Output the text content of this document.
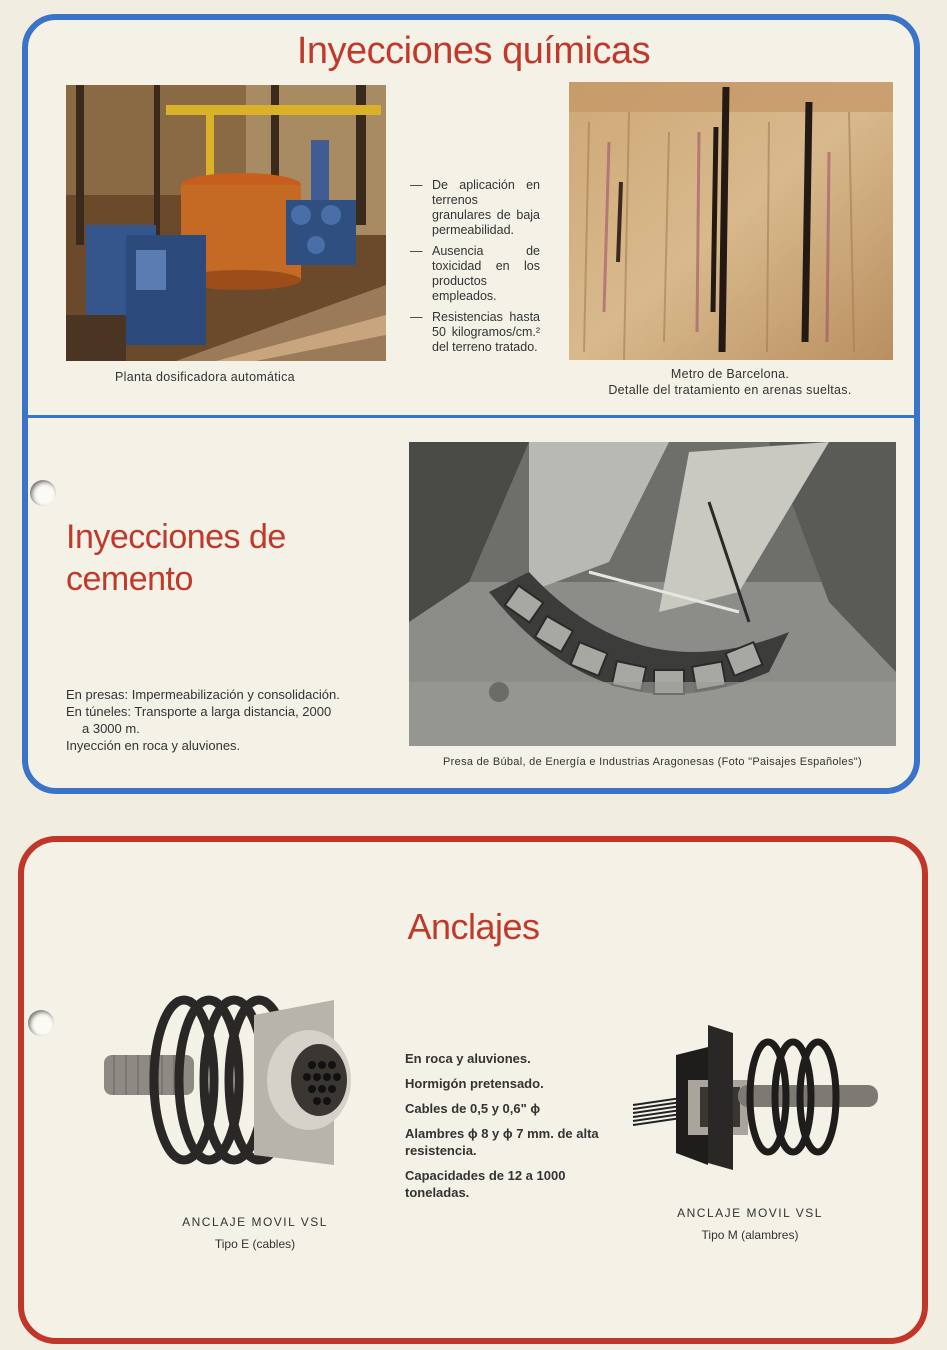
Inyecciones químicas
— De aplicación en terrenos granulares de baja permeabilidad.
— Ausencia de toxicidad en los productos empleados.
— Resistencias hasta 50 kilogramos/cm.² del terreno tratado.
Planta dosificadora automática	Metro de Barcelona.
Detalle del tratamiento en arenas sueltas.
Inyecciones de
cemento
En presas: Impermeabilización y consolidación.
En túneles: Transporte a larga distancia, 2000
a 3000 m.
Inyección en roca y aluviones.
Presa de Búbal, de Energía e Industrias Aragonesas (Foto "Paisajes Españoles")
Anclajes
ANCLAJE MOVIL VSL
Tipo E (cables)

En roca y aluviones.

Hormigón pretensado.

Cables de 0,5 y 0,6" ϕ

Alambres ϕ 8 y ϕ 7 mm. de alta resistencia.

Capacidades de 12 a 1000 toneladas.

ANCLAJE MOVIL VSL
Tipo M (alambres)
